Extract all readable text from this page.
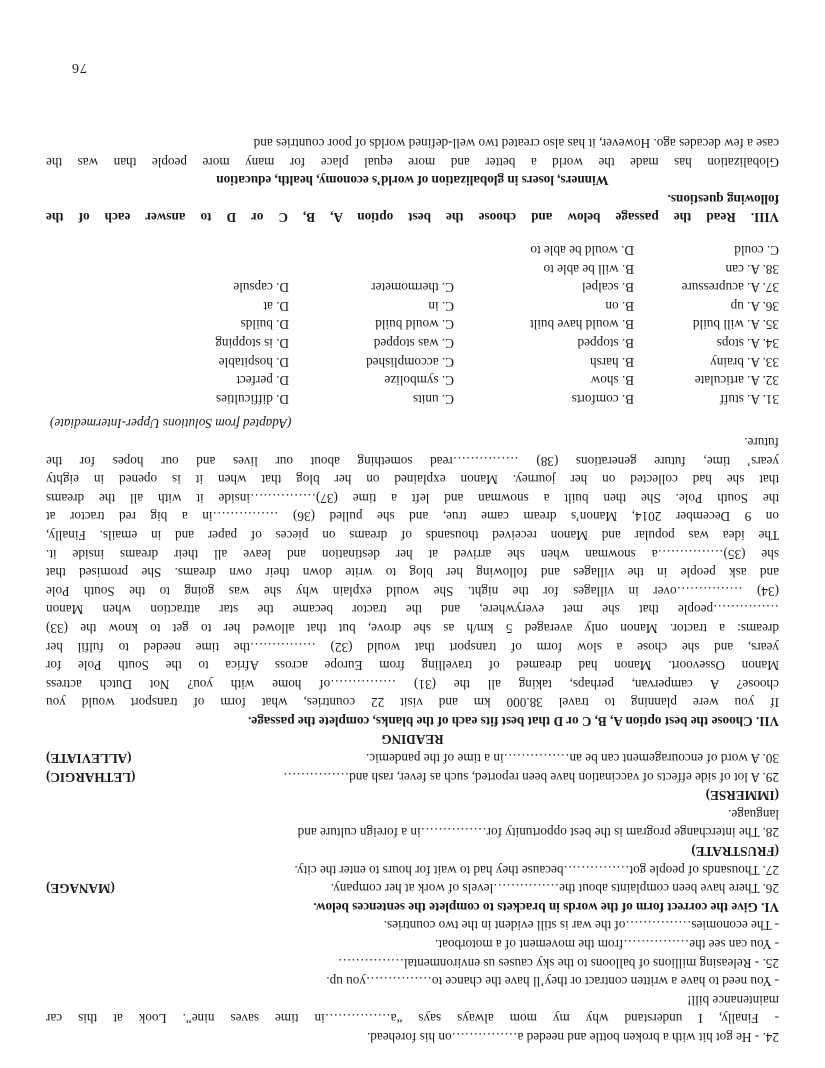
24. - He got hit with a broken bottle and needed a……………on his forehead.
- Finally, I understand why my mom always says “a……………in time saves nine”. Look at this car
maintenance bill!
- You need to have a written contract or they’ll have the chance to……………you up.
25. - Releasing millions of balloons to the sky causes us environmental……………
- You can see the……………from the movement of a motorboat.
- The economies……………of the war is still evident in the two countries.
VI. Give the correct form of the words in brackets to complete the sentences below.
26. There have been complaints about the……………levels of work at her company.
(MANAGE)
27. Thousands of people got……………because they had to wait for hours to enter the city.
(FRUSTRATE)
28. The interchange program is the best opportunity for……………in a foreign culture and
language.
(IMMERSE)
29. A lot of side effects of vaccination have been reported, such as fever, rash and……………
(LETHARGIC)
30. A word of encouragement can be an……………in a time of the pandemic.
(ALLEVIATE)
READING
VII. Choose the best option A, B, C or D that best fits each of the blanks, complete the passage.
If you were planning to travel 38.000 km and visit 22 countries, what form of transport would you
choose? A campervan, perhaps, taking all the (31) ……………of home with you? Not Dutch actress
Manon Ossevoort. Manon had dreamed of travelling from Europe across Africa to the South Pole for
years, and she chose a slow form of transport that would (32) ……………the time needed to fulfil her
dreams: a tractor. Manon only averaged 5 km/h as she drove, but that allowed her to get to know the (33)
……………people that she met everywhere, and the tractor became the star attraction when Manon
(34) ……………over in villages for the night. She would explain why she was going to the South Pole
and ask people in the villages and following her blog to write down their own dreams. She promised that
she (35)……………a snowman when she arrived at her destination and leave all their dreams inside it.
The idea was popular and Manon received thousands of dreams on pieces of paper and in emails. Finally,
on 9 December 2014, Manon’s dream came true, and she pulled (36) ……………in a big red tractor at
the South Pole. She then built a snowman and left a time (37)……………inside it with all the dreams
that she had collected on her journey. Manon explained on her blog that when it is opened in eighty
years’ time, future generations (38) ……………read something about our lives and our hopes for the
future.
(Adapted from Solutions Upper-Intermediate)
31. A. stuff
B. comforts
C. units
D. difficulties
32. A. articulate
B. show
C. symbolize
D. perfect
33. A. brainy
B. harsh
C. accomplished
D. hospitable
34. A. stops
B. stopped
C. was stopped
D. is stopping
35. A. will build
B. would have built
C. would build
D. builds
36. A. up
B. on
C. in
D. at
37. A. acupressure
B. scalpel
C. thermometer
D. capsule
38. A. can
B. will be able to
C. could
D. would be able to
VIII. Read the passage below and choose the best option A, B, C or D to answer each of the
following questions.
Winners, losers in globalization of world’s economy, health, education
Globalization has made the world a better and more equal place for many more people than was the
case a few decades ago. However, it has also created two well-defined worlds of poor countries and
76
